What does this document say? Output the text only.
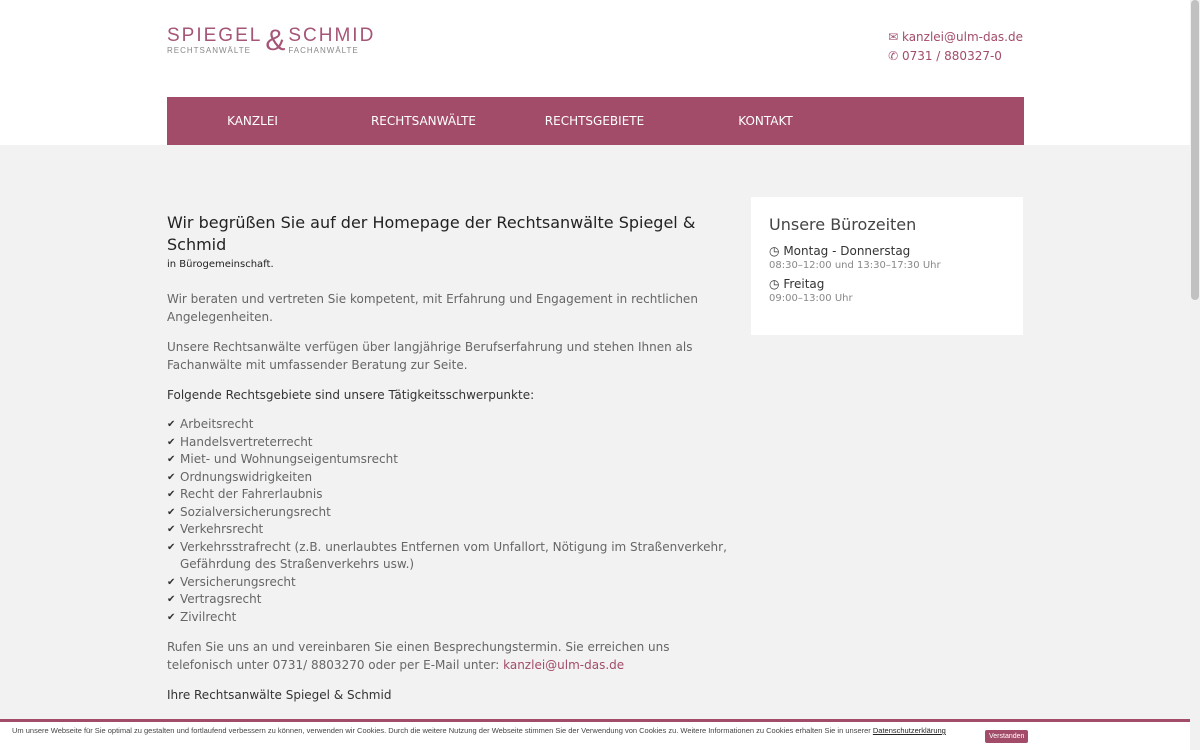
SPIEGEL
RECHTSANWÄLTE & SCHMID
FACHANWÄLTE
✉ kanzlei@ulm-das.de
✆ 0731 / 880327-0
KANZLEI	RECHTSANWÄLTE	RECHTSGEBIETE	KONTAKT
Wir begrüßen Sie auf der Homepage der Rechtsanwälte Spiegel & Schmid
in Bürogemeinschaft.

Wir beraten und vertreten Sie kompetent, mit Erfahrung und Engagement in rechtlichen Angelegenheiten.

Unsere Rechtsanwälte verfügen über langjährige Berufserfahrung und stehen Ihnen als Fachanwälte mit umfassender Beratung zur Seite.

Folgende Rechtsgebiete sind unsere Tätigkeitsschwerpunkte:

✔ Arbeitsrecht
✔ Handelsvertreterrecht
✔ Miet- und Wohnungseigentumsrecht
✔ Ordnungswidrigkeiten
✔ Recht der Fahrerlaubnis
✔ Sozialversicherungsrecht
✔ Verkehrsrecht
✔ Verkehrsstrafrecht (z.B. unerlaubtes Entfernen vom Unfallort, Nötigung im Straßenverkehr, Gefährdung des Straßenverkehrs usw.)
✔ Versicherungsrecht
✔ Vertragsrecht
✔ Zivilrecht

Rufen Sie uns an und vereinbaren Sie einen Besprechungstermin. Sie erreichen uns telefonisch unter 0731/ 8803270 oder per E-Mail unter: kanzlei@ulm-das.de

Ihre Rechtsanwälte Spiegel & Schmid

Unsere Bürozeiten
◷ Montag - Donnerstag
08:30–12:00 und 13:30–17:30 Uhr
◷ Freitag
09:00–13:00 Uhr
Um unsere Webseite für Sie optimal zu gestalten und fortlaufend verbessern zu können, verwenden wir Cookies. Durch die weitere Nutzung der Webseite stimmen Sie der Verwendung von Cookies zu. Weitere Informationen zu Cookies erhalten Sie in unserer Datenschutzerklärung
Verstanden
